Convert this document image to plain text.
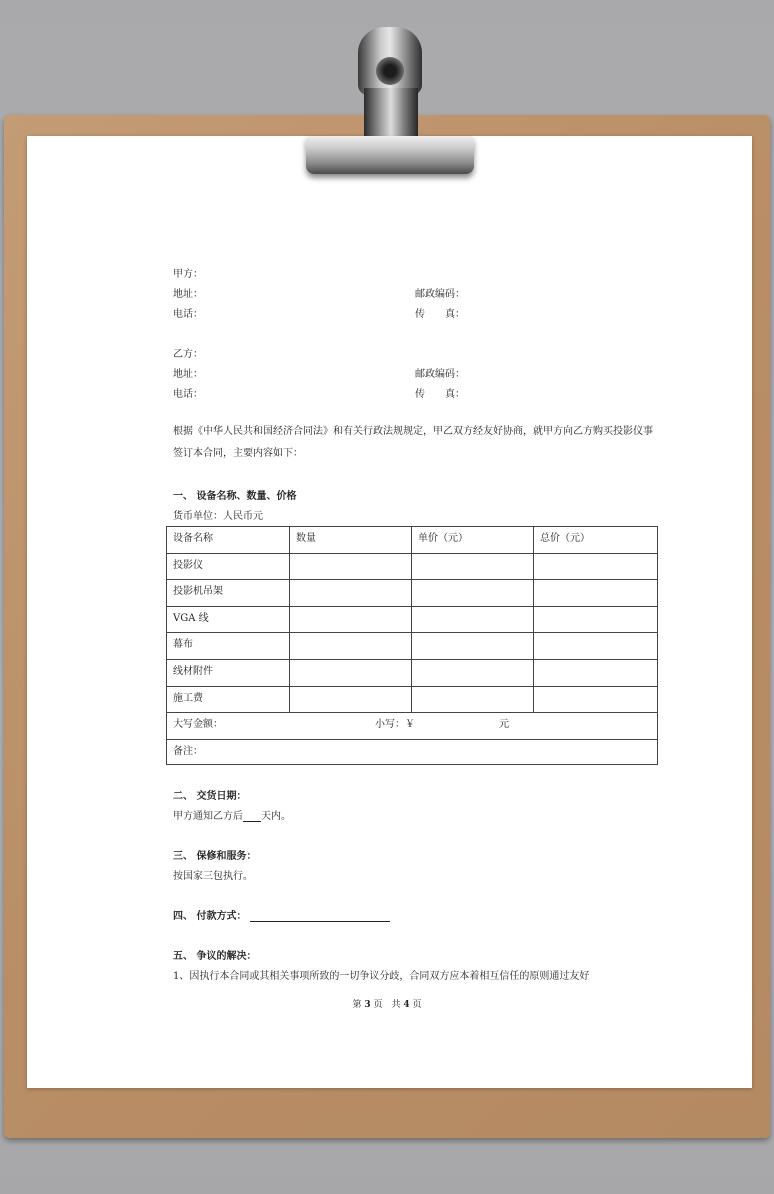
甲方：
地址：	邮政编码：
电话：	传　　真：
乙方：
地址：	邮政编码：
电话：	传　　真：
根据《中华人民共和国经济合同法》和有关行政法规规定，甲乙双方经友好协商，就甲方向乙方购买投影仪事签订本合同，主要内容如下：
一、 设备名称、数量、价格
货币单位：人民币元
设备名称	数量	单价（元）	总价（元）
投影仪			
投影机吊架			
VGA 线			
幕布			
线材附件			
施工费			
大写金额： 小写：￥ 元			

备注：			
二、 交货日期：
甲方通知乙方后 天内。
三、 保修和服务：
按国家三包执行。
四、 付款方式：
五、 争议的解决：
1、因执行本合同或其相关事项所致的一切争议分歧，合同双方应本着相互信任的原则通过友好
第 3 页　共 4 页
